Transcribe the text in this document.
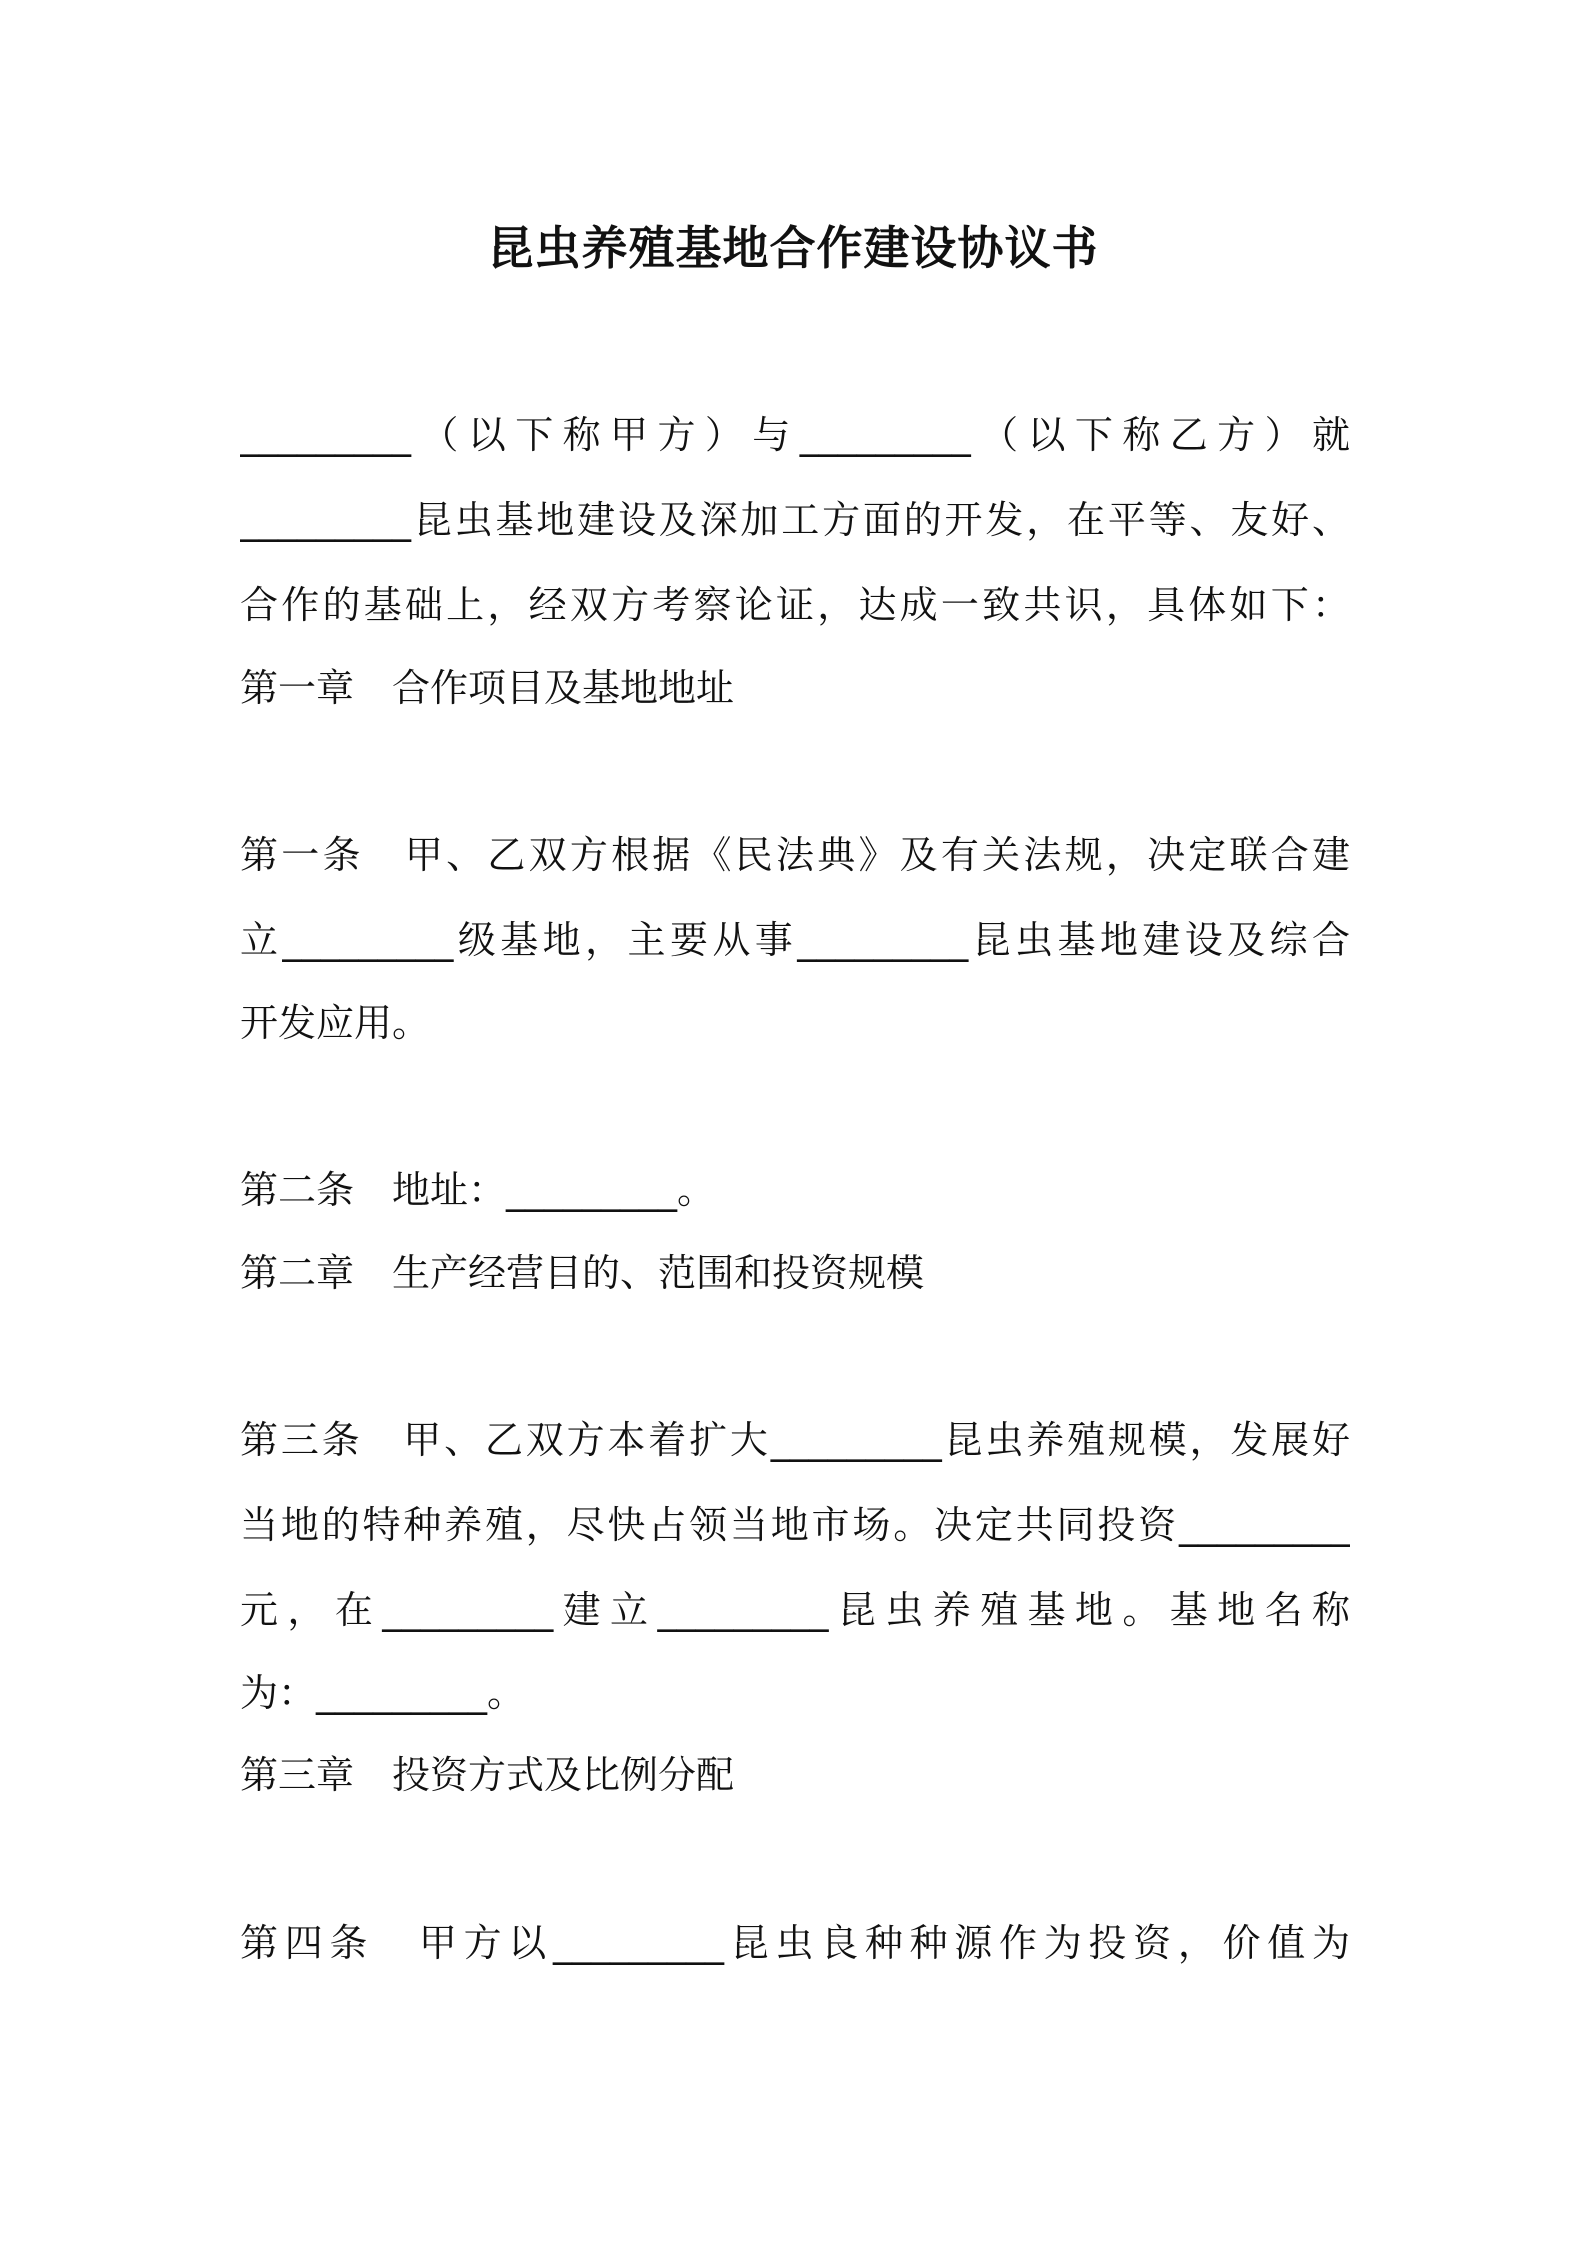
昆虫养殖基地合作建设协议书
_________（以下称甲方）与_________（以下称乙方）就
_________昆虫基地建设及深加工方面的开发，在平等、友好、
合作的基础上，经双方考察论证，达成一致共识，具体如下：
第一章　合作项目及基地地址
第一条　甲、乙双方根据《民法典》及有关法规，决定联合建
立_________级基地，主要从事_________昆虫基地建设及综合
开发应用。
第二条　地址：_________。
第二章　生产经营目的、范围和投资规模
第三条　甲、乙双方本着扩大_________昆虫养殖规模，发展好
当地的特种养殖，尽快占领当地市场。决定共同投资_________
元，在_________建立_________昆虫养殖基地。基地名称
为：_________。
第三章　投资方式及比例分配
第四条　甲方以_________昆虫良种种源作为投资，价值为
